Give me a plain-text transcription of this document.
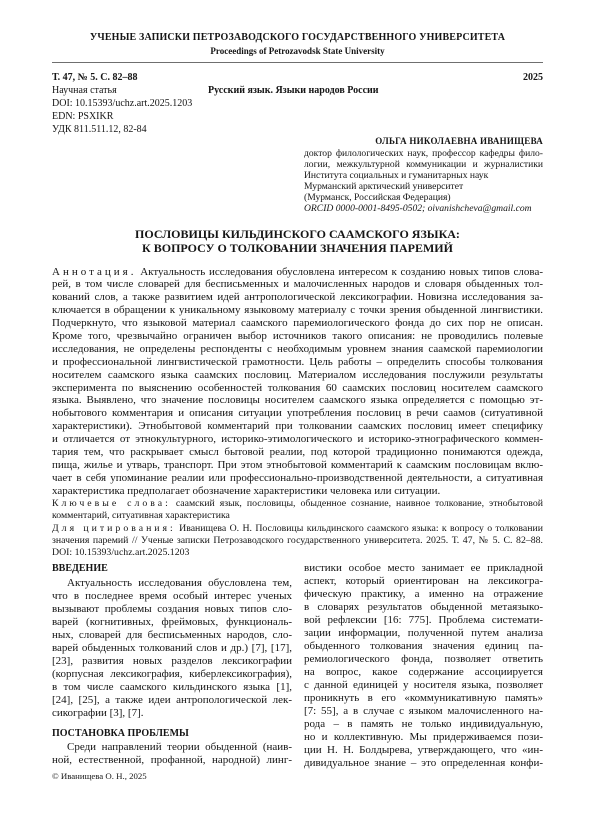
УЧЕНЫЕ ЗАПИСКИ ПЕТРОЗАВОДСКОГО ГОСУДАРСТВЕННОГО УНИВЕРСИТЕТА
Proceedings of Petrozavodsk State University
Т. 47, № 5. С. 82–88	2025
Научная статья
DOI: 10.15393/uchz.art.2025.1203
EDN: PSXIKR
УДК 811.511.12, 82-84
Русский язык. Языки народов России
ОЛЬГА НИКОЛАЕВНА ИВАНИЩЕВА
доктор филологических наук, профессор кафедры фило-
логии, межкультурной коммуникации и журналистики
Института социальных и гуманитарных наук
Мурманский арктический университет
(Мурманск, Российская Федерация)
ORCID 0000-0001-8495-0502; oivanishcheva@gmail.com
ПОСЛОВИЦЫ КИЛЬДИНСКОГО СААМСКОГО ЯЗЫКА:
К ВОПРОСУ О ТОЛКОВАНИИ ЗНАЧЕНИЯ ПАРЕМИЙ
Аннотация. Актуальность исследования обусловлена интересом к созданию новых типов слова-
рей, в том числе словарей для бесписьменных и малочисленных народов и словаря обыденных тол-
кований слов, а также развитием идей антропологической лексикографии. Новизна исследования за-
ключается в обращении к уникальному языковому материалу с точки зрения обыденной лингвистики.
Подчеркнуто, что языковой материал саамского паремиологического фонда до сих пор не описан.
Кроме того, чрезвычайно ограничен выбор источников такого описания: не проводились полевые
исследования, не определены респонденты с необходимым уровнем знания саамской паремиологии
и профессиональной лингвистической грамотности. Цель работы – определить способы толкования
носителем саамского языка саамских пословиц. Материалом исследования послужили результаты
эксперимента по выяснению особенностей толкования 60 саамских пословиц носителем саамского
языка. Выявлено, что значение пословицы носителем саамского языка определяется с помощью эт-
нобытового комментария и описания ситуации употребления пословиц в речи саамов (ситуативной
характеристики). Этнобытовой комментарий при толковании саамских пословиц имеет специфику
и отличается от этнокультурного, историко-этимологического и историко-этнографического коммен-
тария тем, что раскрывает смысл бытовой реалии, под которой традиционно понимаются одежда,
пища, жилье и утварь, транспорт. При этом этнобытовой комментарий к саамским пословицам вклю-
чает в себя упоминание реалии или профессионально-производственной деятельности, а ситуативная
характеристика предполагает обозначение характеристики человека или ситуации.
Ключевые слова: саамский язык, пословицы, обыденное сознание, наивное толкование, этнобытовой
комментарий, ситуативная характеристика
Для цитирования: Иванищева О. Н. Пословицы кильдинского саамского языка: к вопросу о толковании
значения паремий // Ученые записки Петрозаводского государственного университета. 2025. Т. 47, № 5. С. 82–88.
DOI: 10.15393/uchz.art.2025.1203
ВВЕДЕНИЕ
Актуальность исследования обусловлена тем,
что в последнее время особый интерес ученых
вызывают проблемы создания новых типов сло-
варей (когнитивных, фреймовых, функциональ-
ных, словарей для бесписьменных народов, сло-
варей обыденных толкований слов и др.) [7], [17],
[23], развития новых разделов лексикографии
(корпусная лексикография, киберлексикография),
в том числе саамского кильдинского языка [1],
[24], [25], а также идеи антропологической лек-
сикографии [3], [7].
ПОСТАНОВКА ПРОБЛЕМЫ
Среди направлений теории обыденной (наив-
ной, естественной, профанной, народной) линг-
вистики особое место занимает ее прикладной
аспект, который ориентирован на лексикогра-
фическую практику, а именно на отражение
в словарях результатов обыденной метаязыко-
вой рефлексии [16: 775]. Проблема системати-
зации информации, полученной путем анализа
обыденного толкования значения единиц па-
ремиологического фонда, позволяет ответить
на вопрос, какое содержание ассоциируется
с данной единицей у носителя языка, позволяет
проникнуть в его «коммуникативную память»
[7: 55], а в случае с языком малочисленного на-
рода – в память не только индивидуальную,
но и коллективную. Мы придерживаемся пози-
ции Н. Н. Болдырева, утверждающего, что «ин-
дивидуальное знание – это определенная конфи-
© Иванищева О. Н., 2025
